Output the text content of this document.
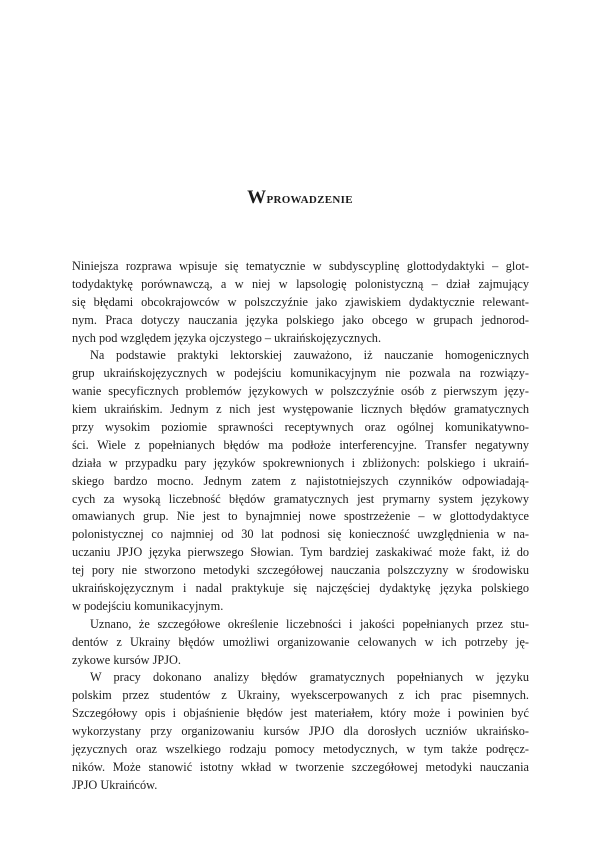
Wprowadzenie
Niniejsza rozprawa wpisuje się tematycznie w subdyscyplinę glottodydaktyki – glot-
todydaktykę porównawczą, a w niej w lapsologię polonistyczną – dział zajmujący
się błędami obcokrajowców w polszczyźnie jako zjawiskiem dydaktycznie relewant-
nym. Praca dotyczy nauczania języka polskiego jako obcego w grupach jednorod-
nych pod względem języka ojczystego – ukraińskojęzycznych.
Na podstawie praktyki lektorskiej zauważono, iż nauczanie homogenicznych
grup ukraińskojęzycznych w podejściu komunikacyjnym nie pozwala na rozwiązy-
wanie specyficznych problemów językowych w polszczyźnie osób z pierwszym języ-
kiem ukraińskim. Jednym z nich jest występowanie licznych błędów gramatycznych
przy wysokim poziomie sprawności receptywnych oraz ogólnej komunikatywno-
ści. Wiele z popełnianych błędów ma podłoże interferencyjne. Transfer negatywny
działa w przypadku pary języków spokrewnionych i zbliżonych: polskiego i ukraiń-
skiego bardzo mocno. Jednym zatem z najistotniejszych czynników odpowiadają-
cych za wysoką liczebność błędów gramatycznych jest prymarny system językowy
omawianych grup. Nie jest to bynajmniej nowe spostrzeżenie – w glottodydaktyce
polonistycznej co najmniej od 30 lat podnosi się konieczność uwzględnienia w na-
uczaniu JPJO języka pierwszego Słowian. Tym bardziej zaskakiwać może fakt, iż do
tej pory nie stworzono metodyki szczegółowej nauczania polszczyzny w środowisku
ukraińskojęzycznym i nadal praktykuje się najczęściej dydaktykę języka polskiego
w podejściu komunikacyjnym.
Uznano, że szczegółowe określenie liczebności i jakości popełnianych przez stu-
dentów z Ukrainy błędów umożliwi organizowanie celowanych w ich potrzeby ję-
zykowe kursów JPJO.
W pracy dokonano analizy błędów gramatycznych popełnianych w języku
polskim przez studentów z Ukrainy, wyekscerpowanych z ich prac pisemnych.
Szczegółowy opis i objaśnienie błędów jest materiałem, który może i powinien być
wykorzystany przy organizowaniu kursów JPJO dla dorosłych uczniów ukraińsko-
języcznych oraz wszelkiego rodzaju pomocy metodycznych, w tym także podręcz-
ników. Może stanowić istotny wkład w tworzenie szczegółowej metodyki nauczania
JPJO Ukraińców.
